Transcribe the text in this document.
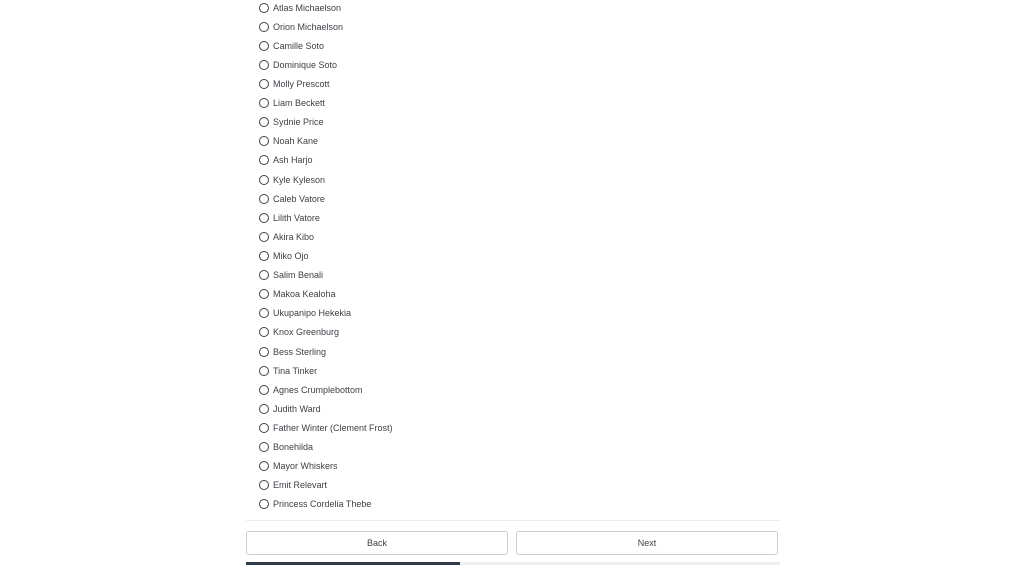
Atlas Michaelson
Orion Michaelson
Camille Soto
Dominique Soto
Molly Prescott
Liam Beckett
Sydnie Price
Noah Kane
Ash Harjo
Kyle Kyleson
Caleb Vatore
Lilith Vatore
Akira Kibo
Miko Ojo
Salim Benali
Makoa Kealoha
Ukupanipo Hekekia
Knox Greenburg
Bess Sterling
Tina Tinker
Agnes Crumplebottom
Judith Ward
Father Winter (Clement Frost)
Bonehilda
Mayor Whiskers
Emit Relevart
Princess Cordelia Thebe
Back	Next
